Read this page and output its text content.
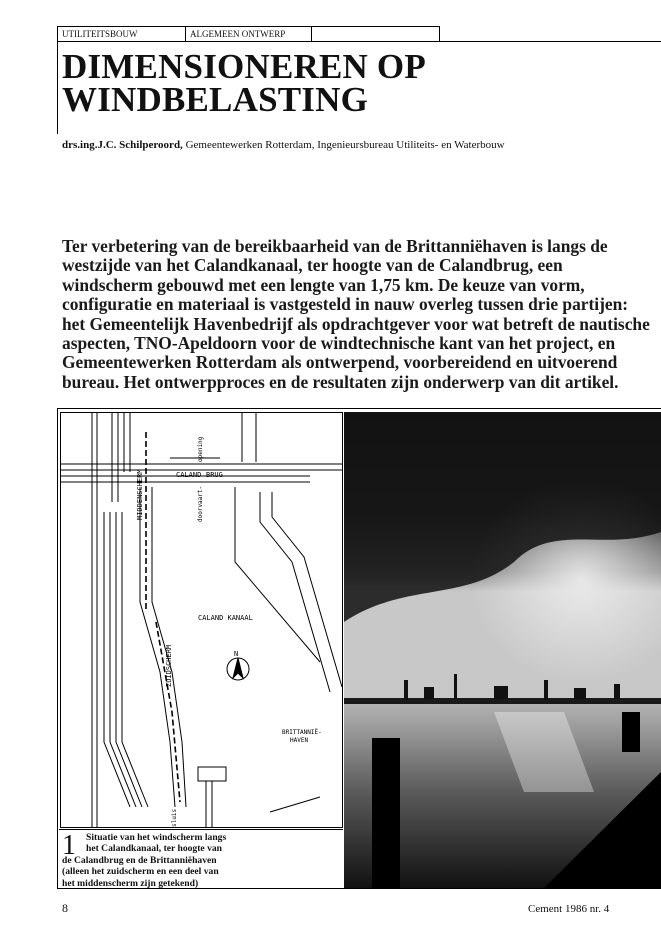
UTILITEITSBOUW	ALGEMEEN ONTWERP
DIMENSIONEREN OP
WINDBELASTING
drs.ing.J.C. Schilperoord, Gemeentewerken Rotterdam, Ingenieursbureau Utiliteits- en Waterbouw

Ter verbetering van de bereikbaarheid van de Brittanniëhaven is langs de westzijde van het Calandkanaal, ter hoogte van de Calandbrug, een windscherm gebouwd met een lengte van 1,75 km. De keuze van vorm, configuratie en materiaal is vastgesteld in nauw overleg tussen drie partijen: het Gemeentelijk Havenbedrijf als opdrachtgever voor wat betreft de nautische aspecten, TNO-Apeldoorn voor de windtechnische kant van het project, en Gemeentewerken Rotterdam als ontwerpend, voorbereidend en uitvoerend bureau. Het ontwerpproces en de resultaten zijn onderwerp van dit artikel.

CALAND BRUG
CALAND KANAAL
N
BRITTANNIË-
HAVEN
MIDDENSCHERM
ZUIDSCHERM
opening
doorvaart-
sluis
1	Situatie van het windscherm langs
het Calandkanaal, ter hoogte van
de Calandbrug en de Brittanniëhaven
(alleen het zuidscherm en een deel van
het middenscherm zijn getekend)
8	Cement 1986 nr. 4
